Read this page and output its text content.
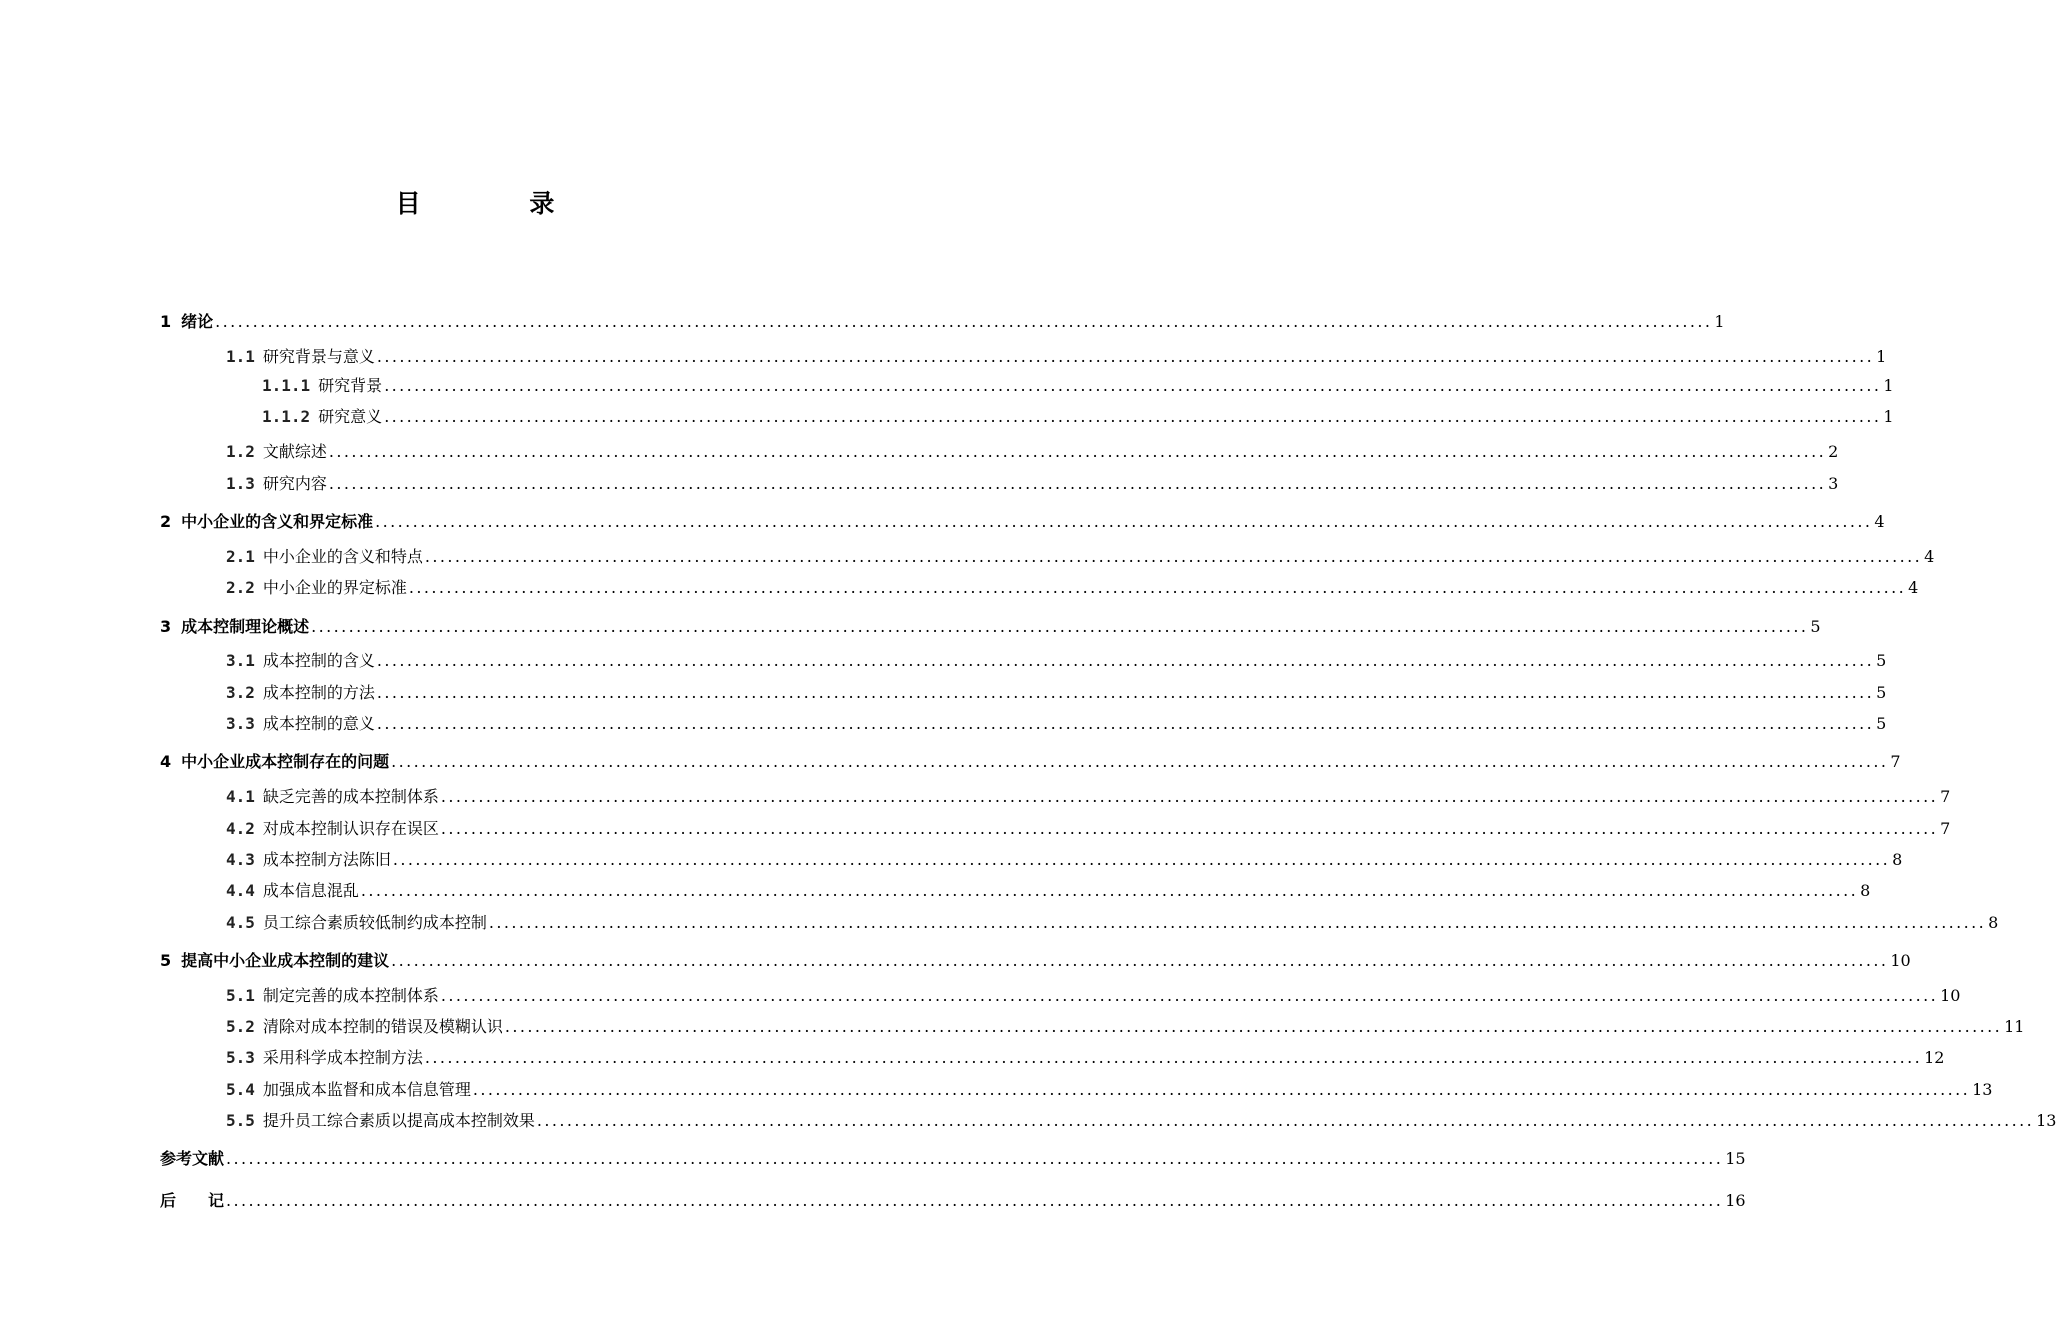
目 录
1 绪论 ........................................................................................................................................................................................................ 1
1.1 研究背景与意义 ........................................................................................................................................................................................................ 1
1.1.1 研究背景 ........................................................................................................................................................................................................ 1
1.1.2 研究意义 ........................................................................................................................................................................................................ 1
1.2 文献综述 ........................................................................................................................................................................................................ 2
1.3 研究内容 ........................................................................................................................................................................................................ 3
2 中小企业的含义和界定标准 ........................................................................................................................................................................................................ 4
2.1 中小企业的含义和特点 ........................................................................................................................................................................................................ 4
2.2 中小企业的界定标准 ........................................................................................................................................................................................................ 4
3 成本控制理论概述 ........................................................................................................................................................................................................ 5
3.1 成本控制的含义 ........................................................................................................................................................................................................ 5
3.2 成本控制的方法 ........................................................................................................................................................................................................ 5
3.3 成本控制的意义 ........................................................................................................................................................................................................ 5
4 中小企业成本控制存在的问题 ........................................................................................................................................................................................................ 7
4.1 缺乏完善的成本控制体系 ........................................................................................................................................................................................................ 7
4.2 对成本控制认识存在误区 ........................................................................................................................................................................................................ 7
4.3 成本控制方法陈旧 ........................................................................................................................................................................................................ 8
4.4 成本信息混乱 ........................................................................................................................................................................................................ 8
4.5 员工综合素质较低制约成本控制 ........................................................................................................................................................................................................ 8
5 提高中小企业成本控制的建议 ........................................................................................................................................................................................................ 10
5.1 制定完善的成本控制体系 ........................................................................................................................................................................................................ 10
5.2 清除对成本控制的错误及模糊认识 ........................................................................................................................................................................................................ 11
5.3 采用科学成本控制方法 ........................................................................................................................................................................................................ 12
5.4 加强成本监督和成本信息管理 ........................................................................................................................................................................................................ 13
5.5 提升员工综合素质以提高成本控制效果 ........................................................................................................................................................................................................ 13
参考文献 ........................................................................................................................................................................................................ 15
后　　记 ........................................................................................................................................................................................................ 16
